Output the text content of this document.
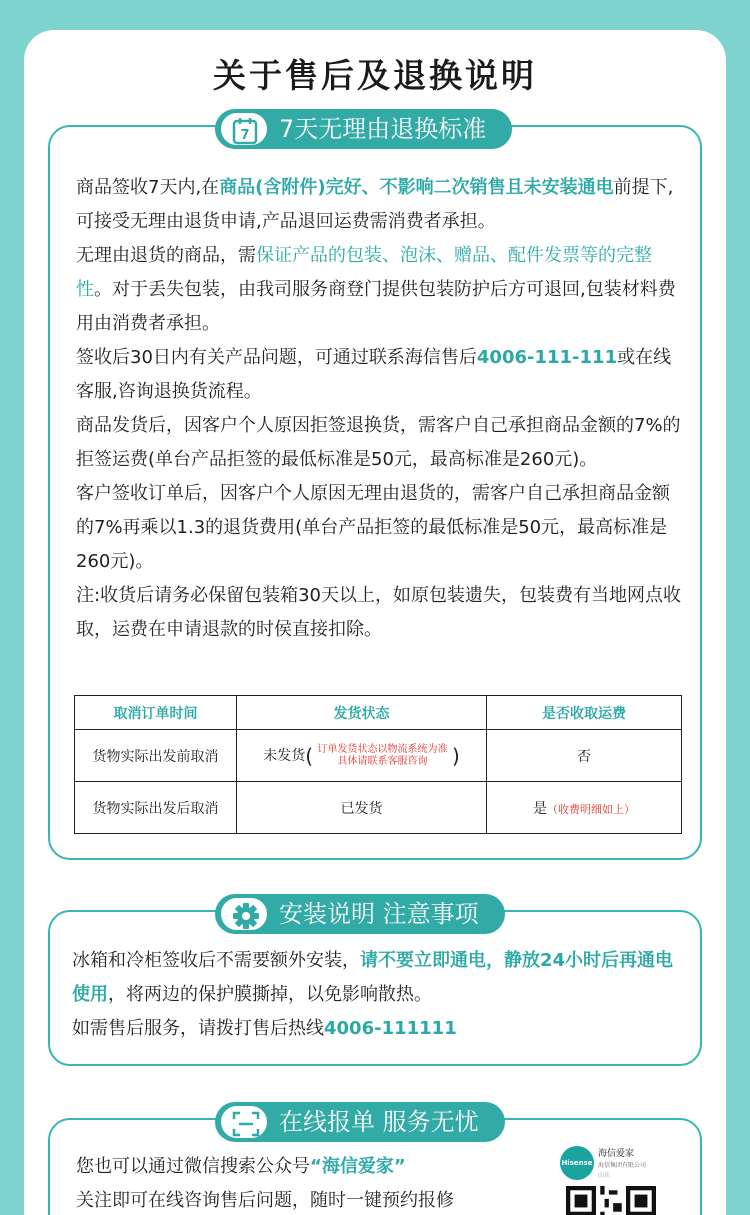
关于售后及退换说明

商品签收7天内,在商品(含附件)完好、不影响二次销售且未安装通电前提下,可接受无理由退货申请,产品退回运费需消费者承担。

无理由退货的商品，需保证产品的包装、泡沫、赠品、配件发票等的完整性。对于丢失包装，由我司服务商登门提供包装防护后方可退回,包装材料费用由消费者承担。

签收后30日内有关产品问题，可通过联系海信售后4006-111-111或在线客服,咨询退换货流程。

商品发货后，因客户个人原因拒签退换货，需客户自己承担商品金额的7%的拒签运费(单台产品拒签的最低标准是50元，最高标准是260元)。

客户签收订单后，因客户个人原因无理由退货的，需客户自己承担商品金额的7%再乘以1.3的退货费用(单台产品拒签的最低标准是50元，最高标准是260元)。

注:收货后请务必保留包装箱30天以上，如原包装遗失，包装费有当地网点收取，运费在申请退款的时侯直接扣除。

取消订单时间	发货状态	是否收取运费
货物实际出发前取消	未发货( 订单发货状态以物流系统为准
具体请联系客服咨询 )	否
货物实际出发后取消	已发货	是（收费明细如上）
7 7天无理由退换标准

冰箱和冷柜签收后不需要额外安装，请不要立即通电，静放24小时后再通电使用，将两边的保护膜撕掉，以免影响散热。

如需售后服务，请拨打售后热线4006-111111

安装说明 注意事项

您也可以通过微信搜索公众号“海信爱家”

关注即可在线咨询售后问题，随时一键预约报修

Hisense
海信爱家
海信集团有限公司
山东
在线报单 服务无忧
